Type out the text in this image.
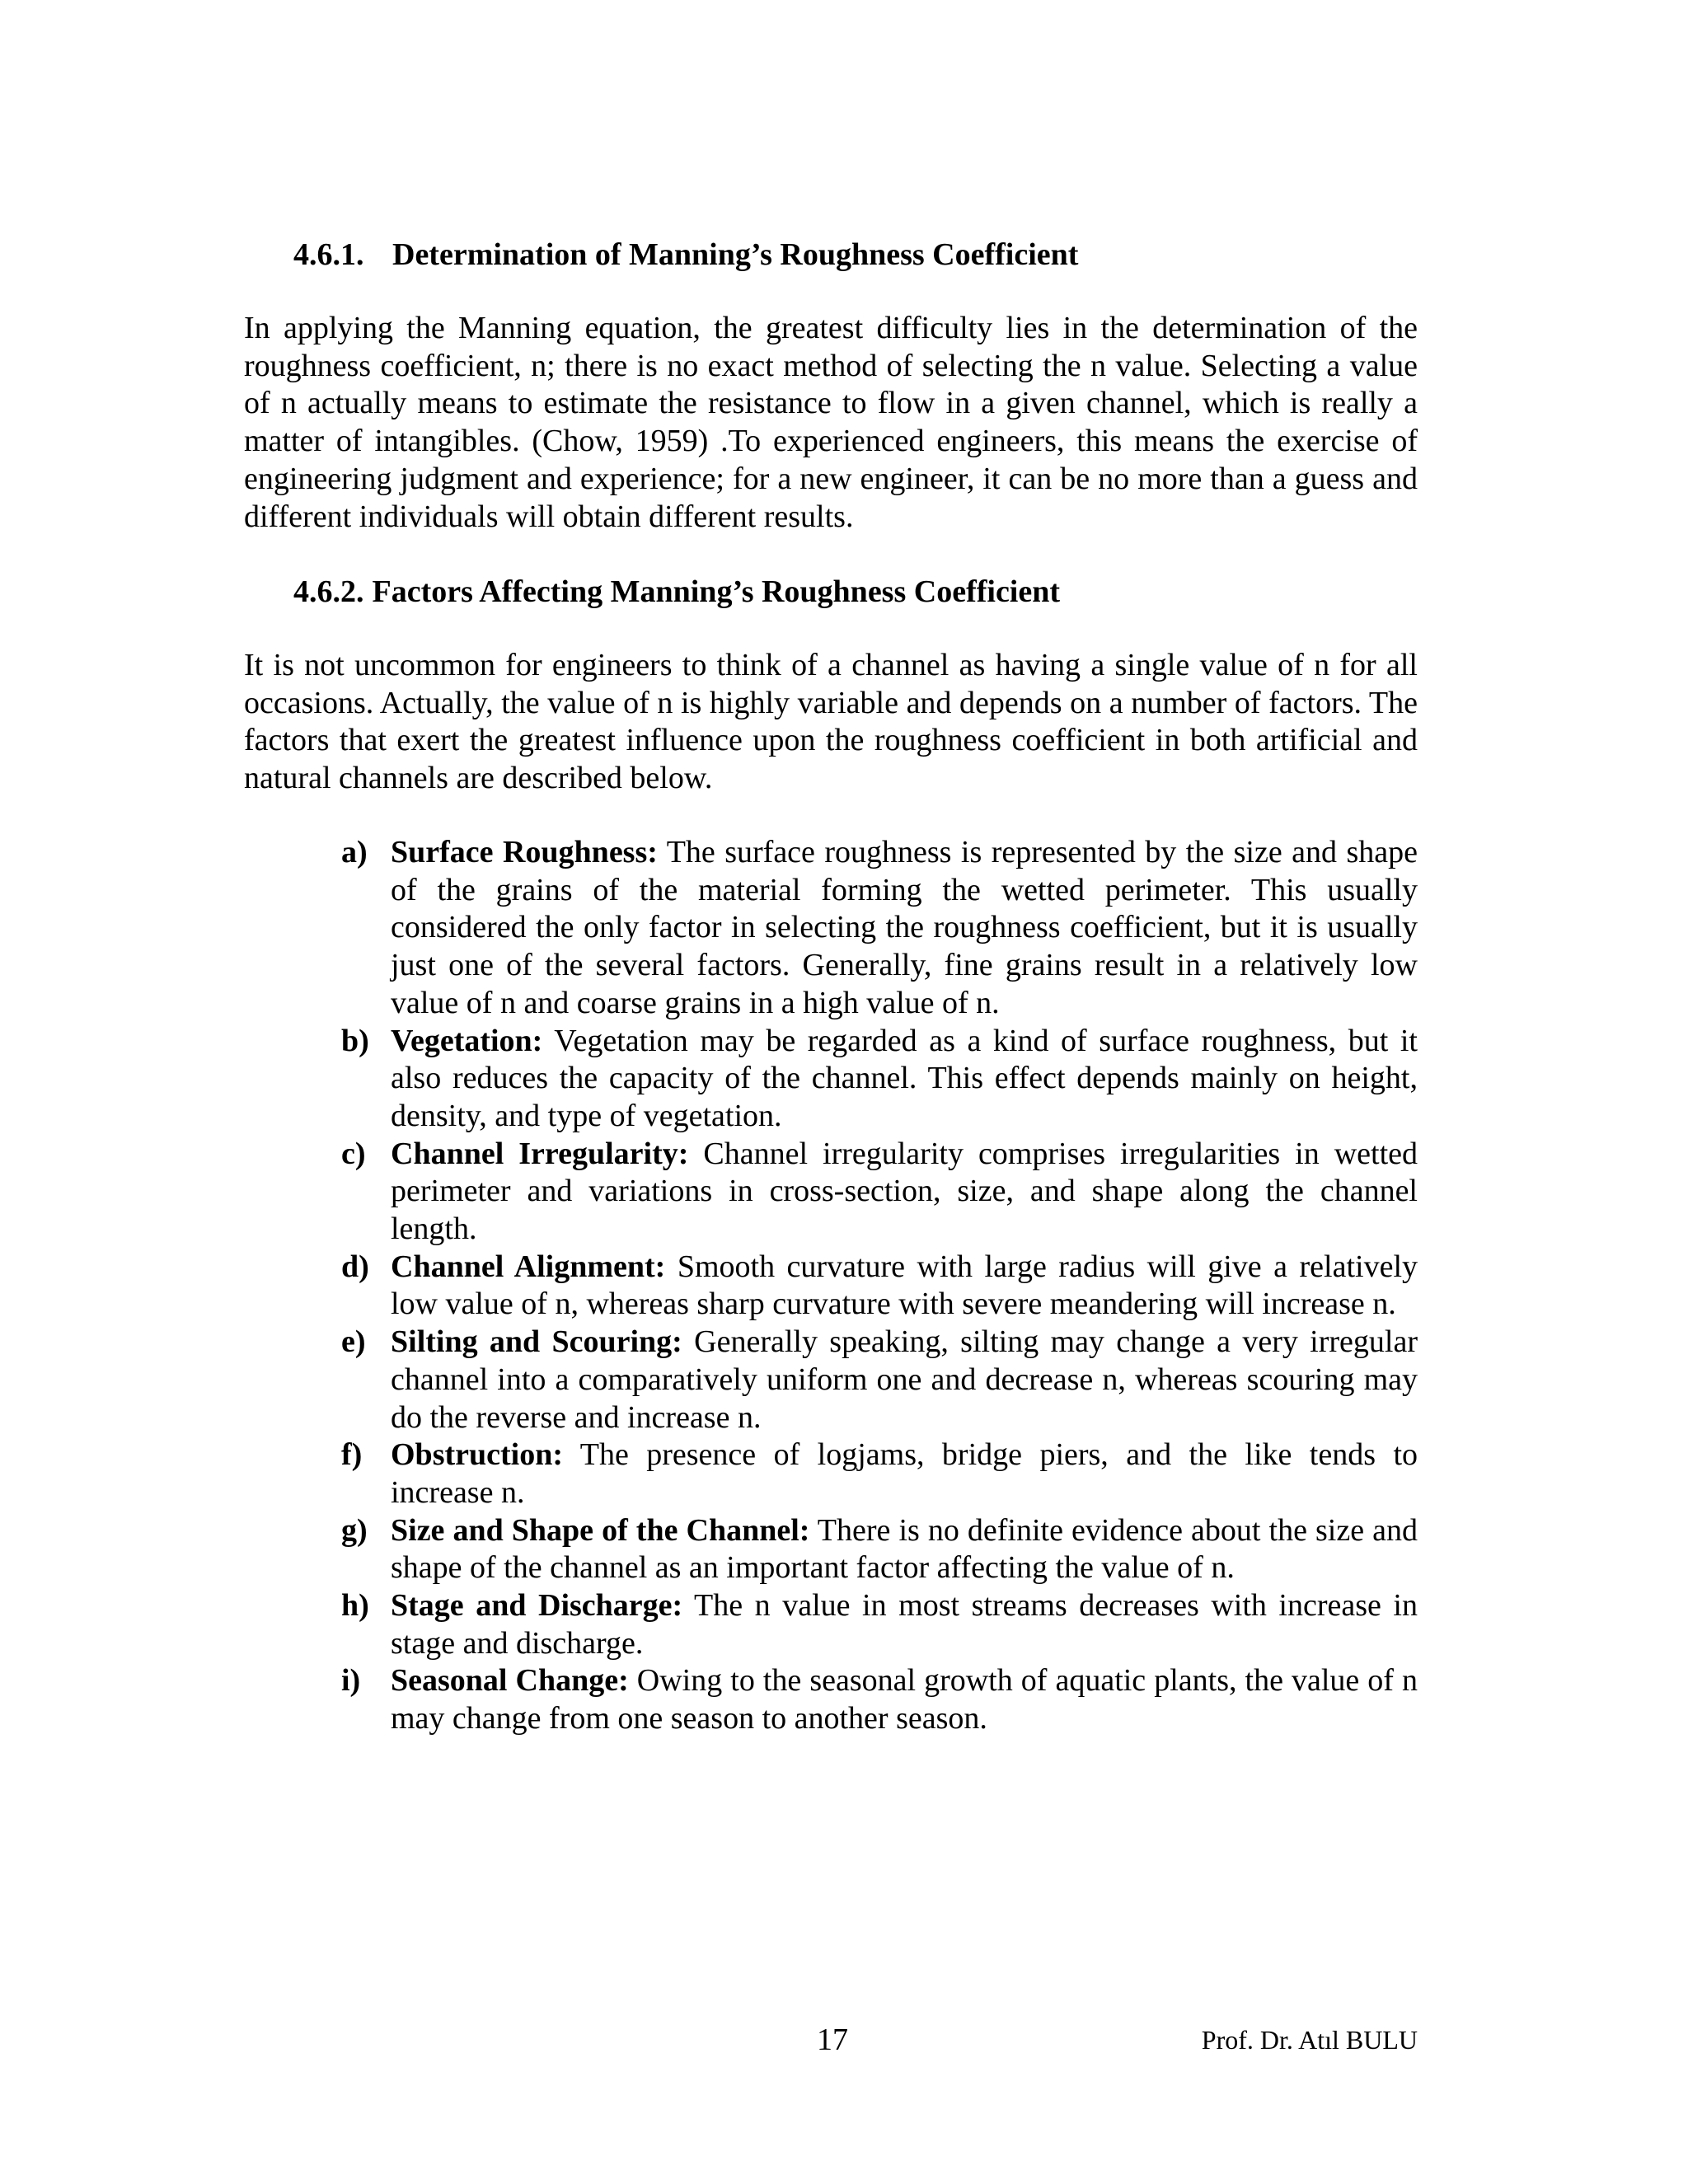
4.6.1. Determination of Manning’s Roughness Coefficient

In applying the Manning equation, the greatest difficulty lies in the determination of the roughness coefficient, n; there is no exact method of selecting the n value. Selecting a value of n actually means to estimate the resistance to flow in a given channel, which is really a matter of intangibles. (Chow, 1959) .To experienced engineers, this means the exercise of engineering judgment and experience; for a new engineer, it can be no more than a guess and different individuals will obtain different results.

4.6.2. Factors Affecting Manning’s Roughness Coefficient

It is not uncommon for engineers to think of a channel as having a single value of n for all occasions. Actually, the value of n is highly variable and depends on a number of factors. The factors that exert the greatest influence upon the roughness coefficient in both artificial and natural channels are described below.

a) Surface Roughness: The surface roughness is represented by the size and shape of the grains of the material forming the wetted perimeter. This usually considered the only factor in selecting the roughness coefficient, but it is usually just one of the several factors. Generally, fine grains result in a relatively low value of n and coarse grains in a high value of n.
b) Vegetation: Vegetation may be regarded as a kind of surface roughness, but it also reduces the capacity of the channel. This effect depends mainly on height, density, and type of vegetation.
c) Channel Irregularity: Channel irregularity comprises irregularities in wetted perimeter and variations in cross-section, size, and shape along the channel length.
d) Channel Alignment: Smooth curvature with large radius will give a relatively low value of n, whereas sharp curvature with severe meandering will increase n.
e) Silting and Scouring: Generally speaking, silting may change a very irregular channel into a comparatively uniform one and decrease n, whereas scouring may do the reverse and increase n.
f) Obstruction: The presence of logjams, bridge piers, and the like tends to increase n.
g) Size and Shape of the Channel: There is no definite evidence about the size and shape of the channel as an important factor affecting the value of n.
h) Stage and Discharge: The n value in most streams decreases with increase in stage and discharge.
i) Seasonal Change: Owing to the seasonal growth of aquatic plants, the value of n may change from one season to another season.

17	Prof. Dr. Atıl BULU
